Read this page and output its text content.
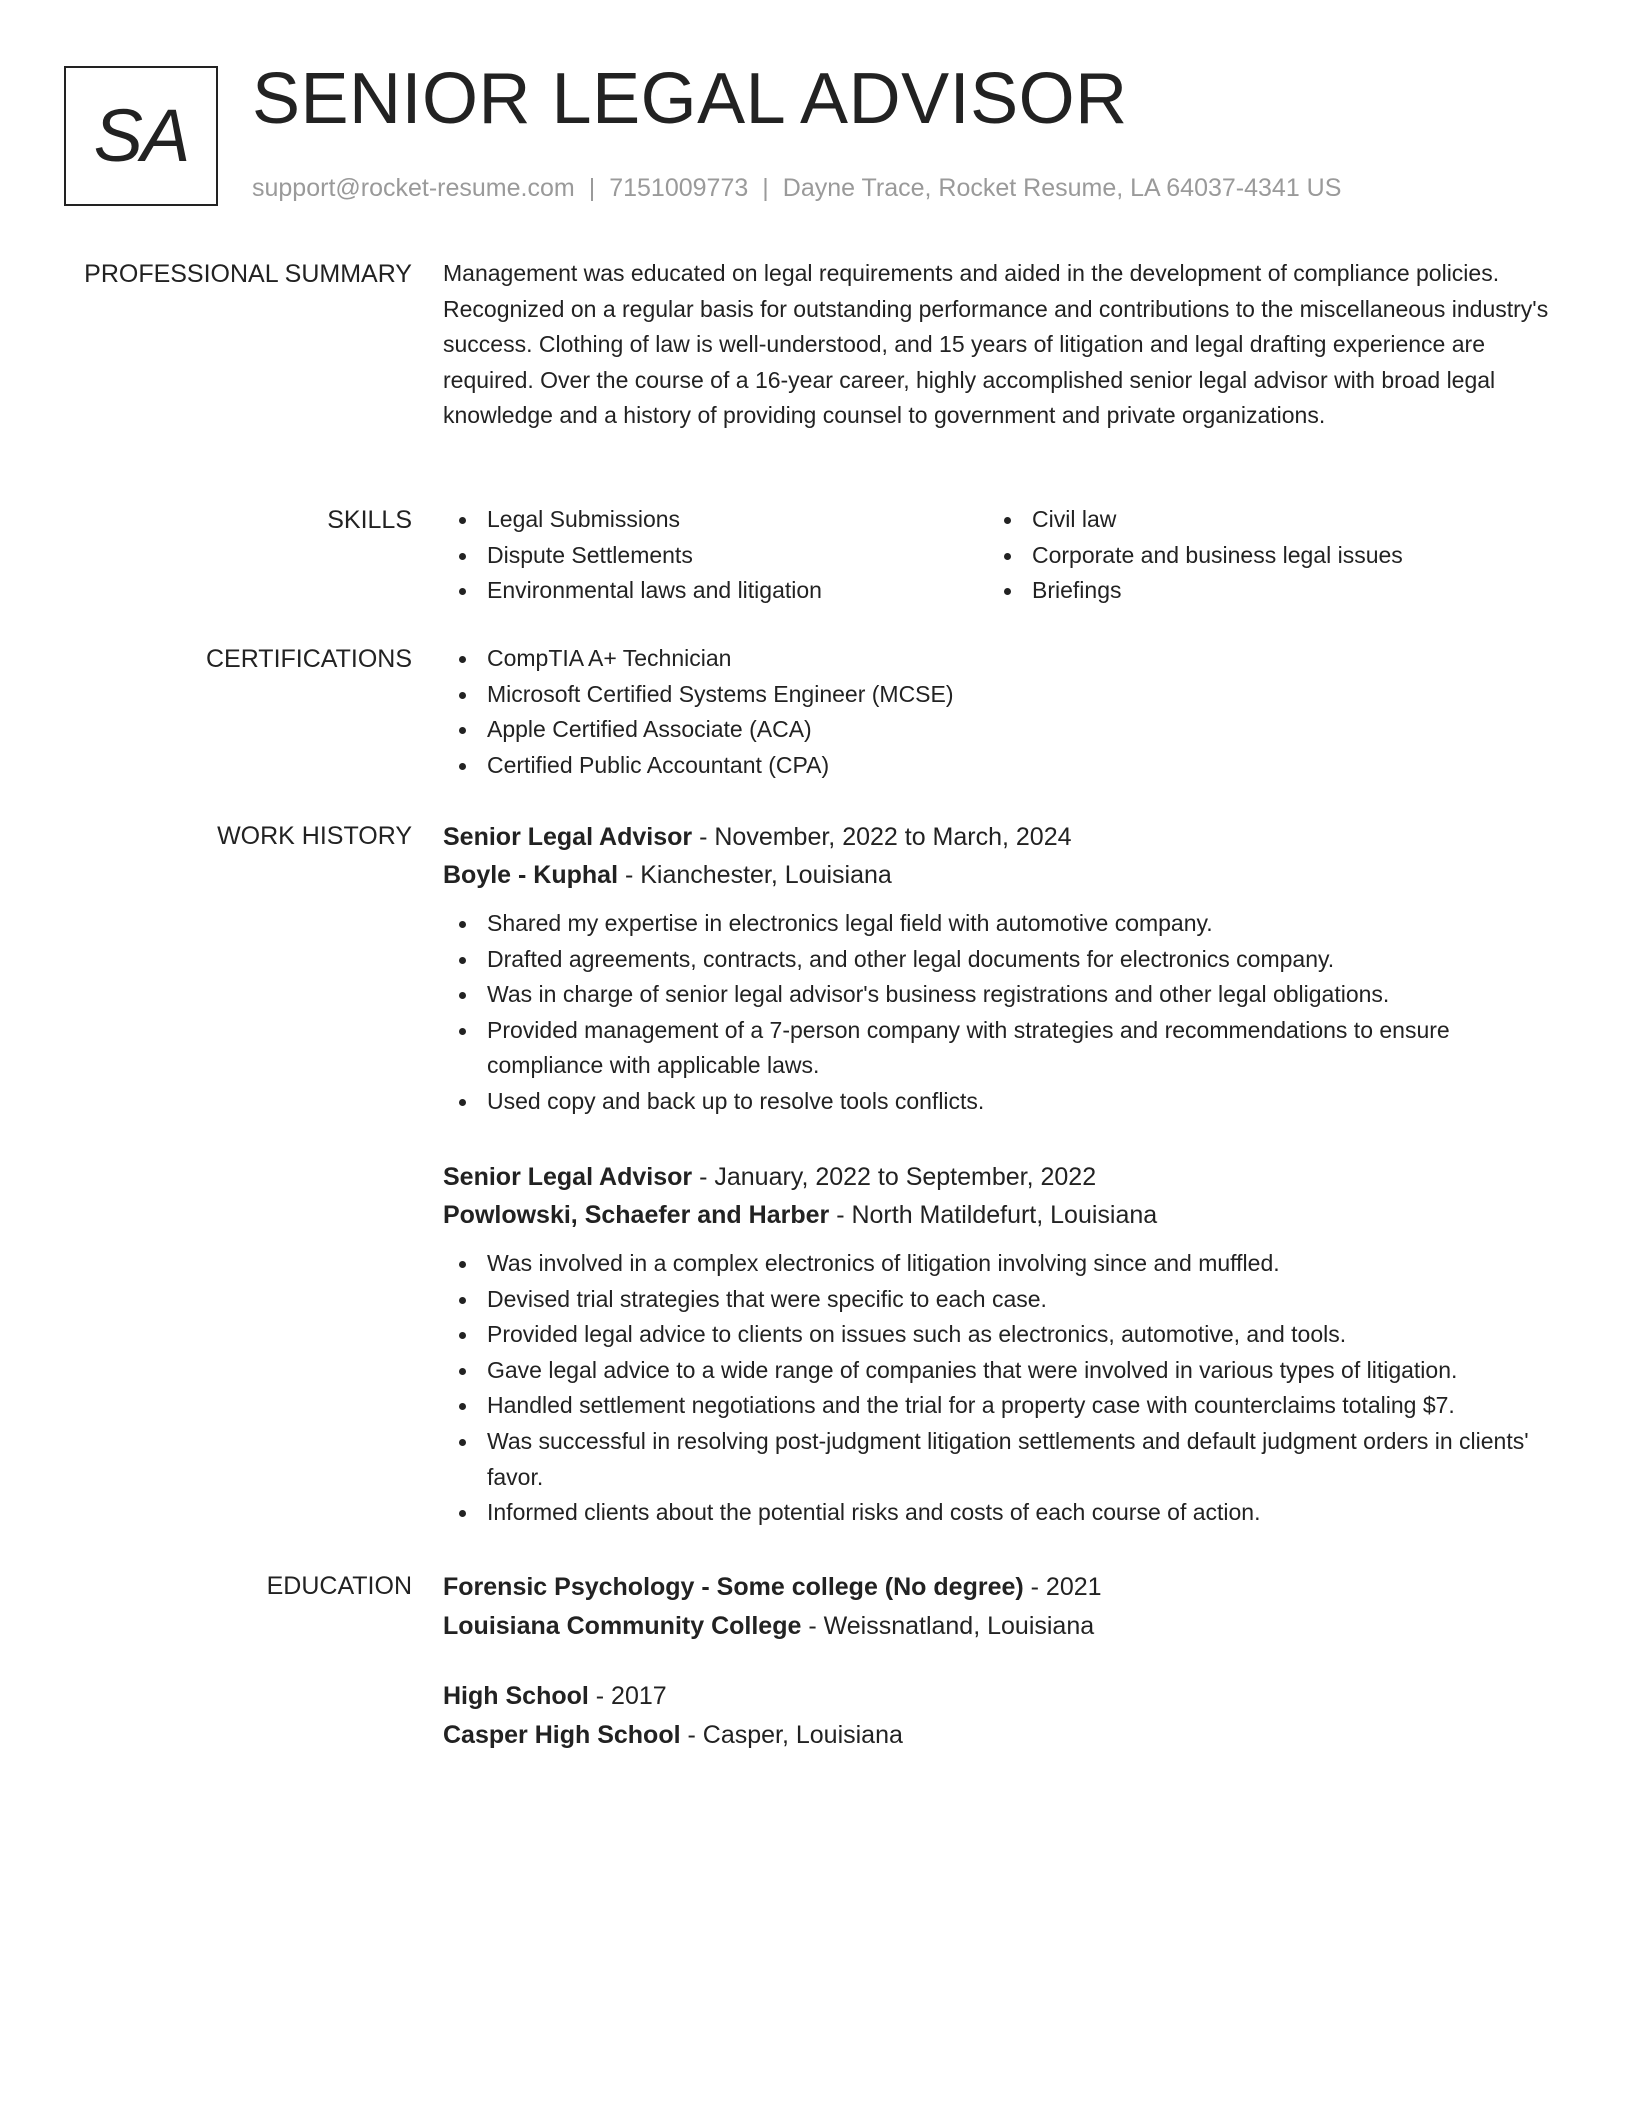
SA SENIOR LEGAL ADVISOR
support@rocket-resume.com | 7151009773 | Dayne Trace, Rocket Resume, LA 64037-4341 US
PROFESSIONAL SUMMARY Management was educated on legal requirements and aided in the development of compliance policies. Recognized on a regular basis for outstanding performance and contributions to the miscellaneous industry's success. Clothing of law is well-understood, and 15 years of litigation and legal drafting experience are required. Over the course of a 16-year career, highly accomplished senior legal advisor with broad legal knowledge and a history of providing counsel to government and private organizations.

SKILLS	Legal Submissions	Civil law
Dispute Settlements	Corporate and business legal issues
Environmental laws and litigation	Briefings
CERTIFICATIONS	CompTIA A+ Technician
Microsoft Certified Systems Engineer (MCSE)
Apple Certified Associate (ACA)
Certified Public Accountant (CPA)
WORK HISTORY Senior Legal Advisor - November, 2022 to March, 2024
Boyle - Kuphal - Kianchester, Louisiana
Shared my expertise in electronics legal field with automotive company.
Drafted agreements, contracts, and other legal documents for electronics company.
Was in charge of senior legal advisor's business registrations and other legal obligations.
Provided management of a 7-person company with strategies and recommendations to ensure compliance with applicable laws.
Used copy and back up to resolve tools conflicts.
Senior Legal Advisor - January, 2022 to September, 2022
Powlowski, Schaefer and Harber - North Matildefurt, Louisiana
Was involved in a complex electronics of litigation involving since and muffled.
Devised trial strategies that were specific to each case.
Provided legal advice to clients on issues such as electronics, automotive, and tools.
Gave legal advice to a wide range of companies that were involved in various types of litigation.
Handled settlement negotiations and the trial for a property case with counterclaims totaling $7.
Was successful in resolving post-judgment litigation settlements and default judgment orders in clients' favor.
Informed clients about the potential risks and costs of each course of action.
EDUCATION Forensic Psychology - Some college (No degree) - 2021
Louisiana Community College - Weissnatland, Louisiana
High School - 2017
Casper High School - Casper, Louisiana
